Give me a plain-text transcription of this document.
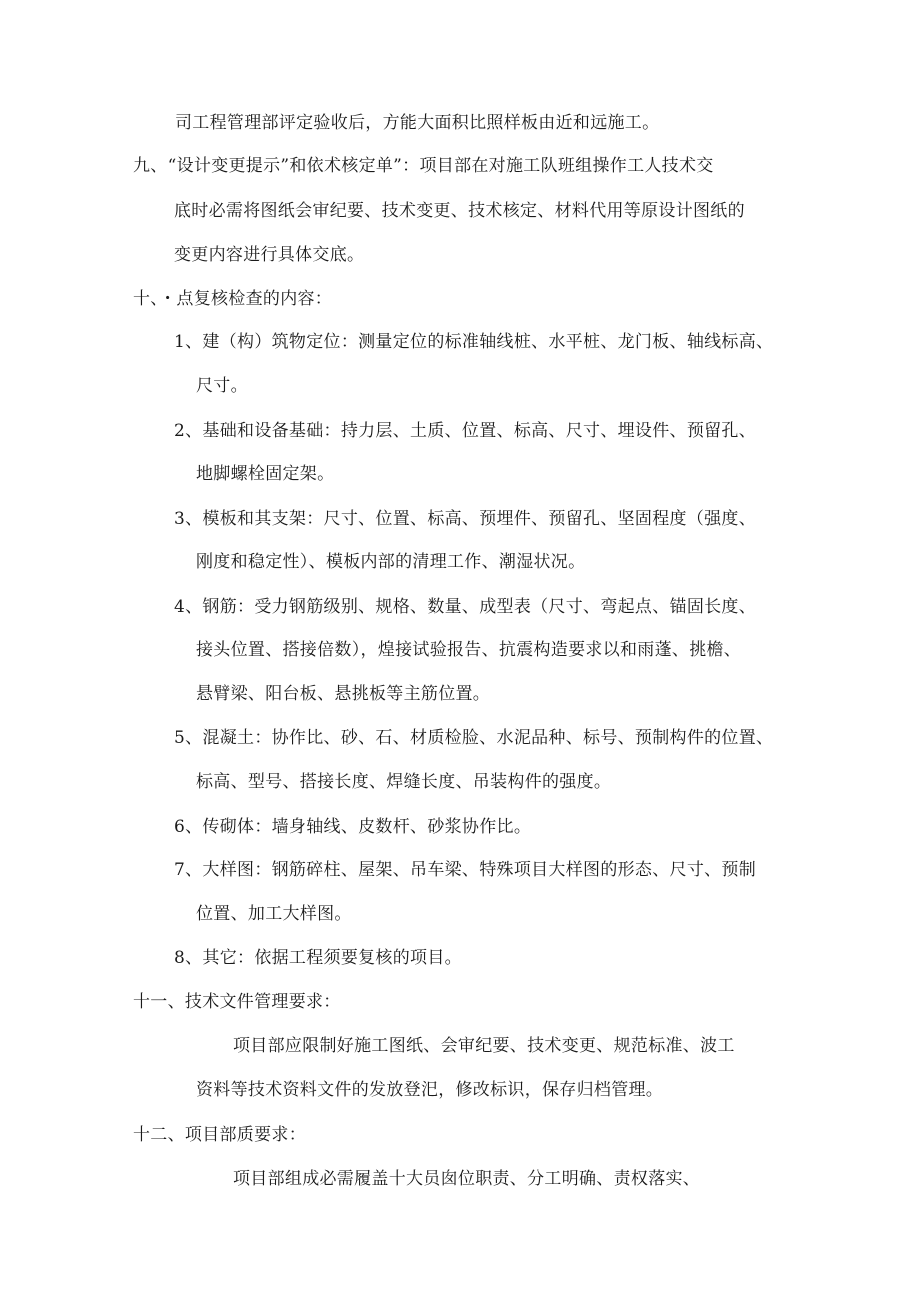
司工程管理部评定验收后，方能大面积比照样板由近和远施工。
九、“设计变更提示”和依术核定单”：项目部在对施工队班组操作工人技术交
底时必需将图纸会审纪要、技术变更、技术核定、材料代用等原设计图纸的
变更内容进行具体交底。
十、・点复核检查的内容：
1、建（构）筑物定位：测量定位的标准轴线桩、水平桩、龙门板、轴线标高、
尺寸。
2、基础和设备基础：持力层、土质、位置、标高、尺寸、埋设件、预留孔、
地脚螺栓固定架。
3、模板和其支架：尺寸、位置、标高、预埋件、预留孔、坚固程度（强度、
刚度和稳定性）、模板内部的清理工作、潮湿状况。
4、钢筋：受力钢筋级别、规格、数量、成型表（尺寸、弯起点、锚固长度、
接头位置、搭接倍数），煌接试验报告、抗震构造要求以和雨蓬、挑檐、
悬臂梁、阳台板、悬挑板等主筋位置。
5、混凝土：协作比、砂、石、材质检脸、水泥品种、标号、预制构件的位置、
标高、型号、搭接长度、焊缝长度、吊装构件的强度。
6、传砌体：墙身轴线、皮数杆、砂浆协作比。
7、大样图：钢筋碎柱、屋架、吊车梁、特殊项目大样图的形态、尺寸、预制
位置、加工大样图。
8、其它：依据工程须要复核的项目。
十一、技术文件管理要求：
项目部应限制好施工图纸、会审纪要、技术变更、规范标准、波工
资料等技术资料文件的发放登汜，修改标识，保存归档管理。
十二、项目部质要求：
项目部组成必需履盖十大员囱位职责、分工明确、责权落实、
